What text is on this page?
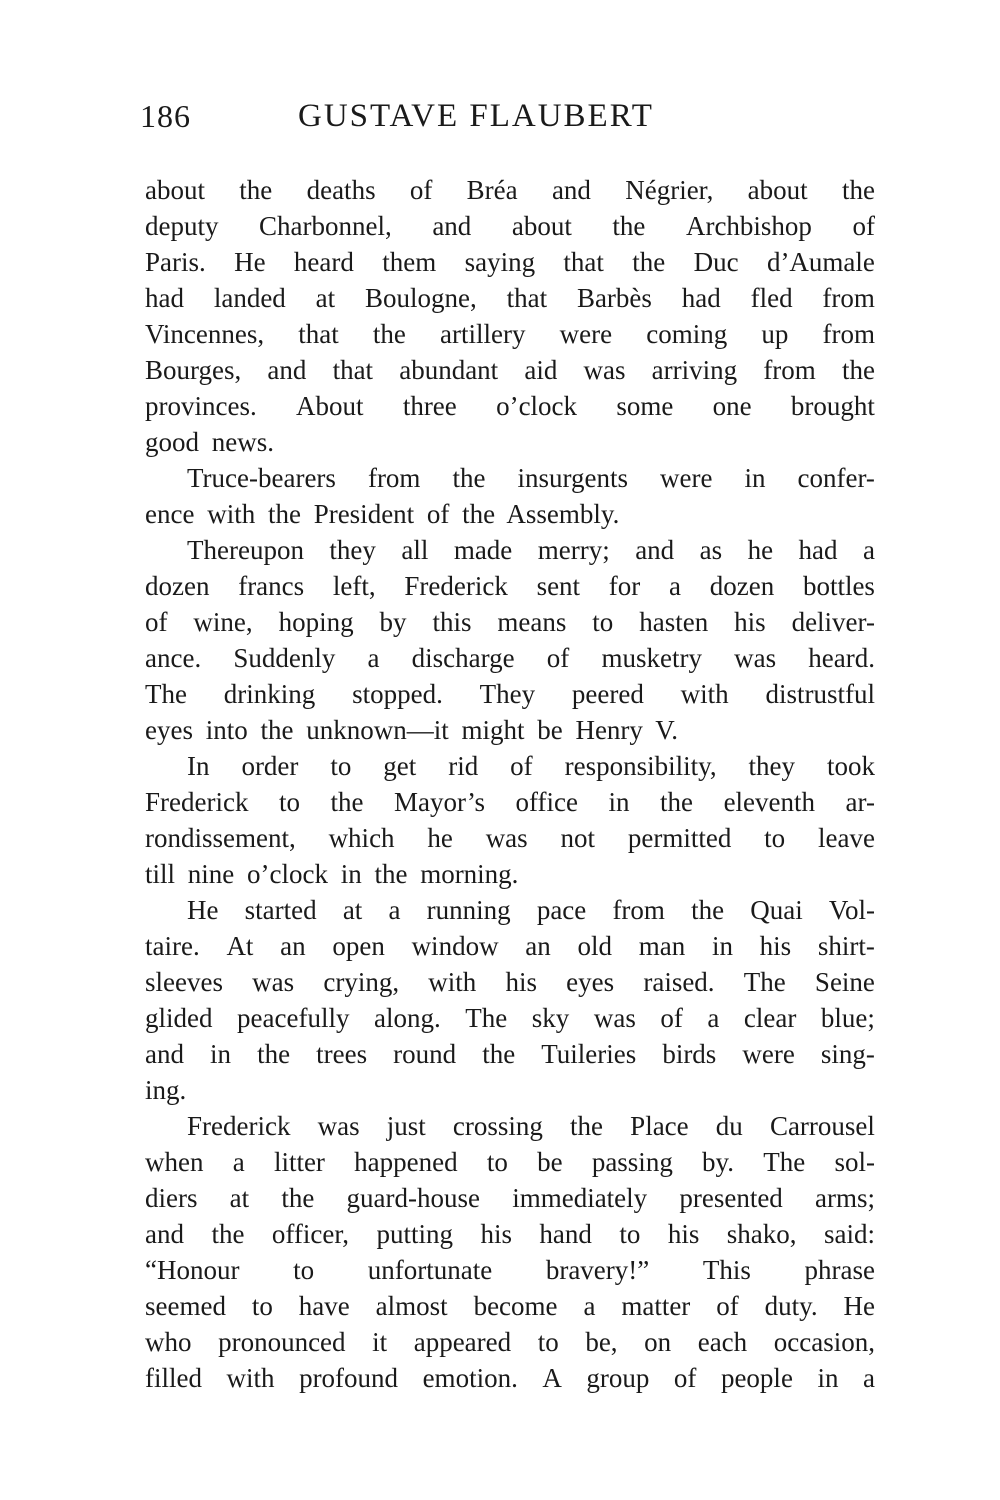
186	GUSTAVE FLAUBERT
about the deaths of Bréa and Négrier, about the
deputy Charbonnel, and about the Archbishop of
Paris. He heard them saying that the Duc d’Aumale
had landed at Boulogne, that Barbès had fled from
Vincennes, that the artillery were coming up from
Bourges, and that abundant aid was arriving from the
provinces. About three o’clock some one brought
good news.
Truce-bearers from the insurgents were in confer-
ence with the President of the Assembly.
Thereupon they all made merry; and as he had a
dozen francs left, Frederick sent for a dozen bottles
of wine, hoping by this means to hasten his deliver-
ance. Suddenly a discharge of musketry was heard.
The drinking stopped. They peered with distrustful
eyes into the unknown—it might be Henry V.
In order to get rid of responsibility, they took
Frederick to the Mayor’s office in the eleventh ar-
rondissement, which he was not permitted to leave
till nine o’clock in the morning.
He started at a running pace from the Quai Vol-
taire. At an open window an old man in his shirt-
sleeves was crying, with his eyes raised. The Seine
glided peacefully along. The sky was of a clear blue;
and in the trees round the Tuileries birds were sing-
ing.
Frederick was just crossing the Place du Carrousel
when a litter happened to be passing by. The sol-
diers at the guard-house immediately presented arms;
and the officer, putting his hand to his shako, said:
“Honour to unfortunate bravery!” This phrase
seemed to have almost become a matter of duty. He
who pronounced it appeared to be, on each occasion,
filled with profound emotion. A group of people in a
